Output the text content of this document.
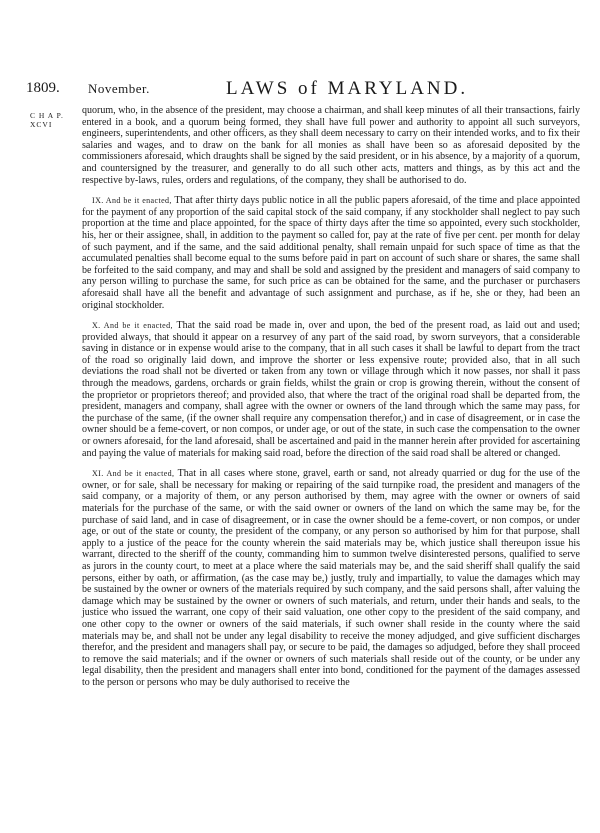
1809. November.	LAWS of MARYLAND.
C H A P.
XCVI

quorum, who, in the absence of the president, may choose a chairman, and shall keep minutes of all their transactions, fairly entered in a book, and a quorum being formed, they shall have full power and authority to appoint all such surveyors, engineers, superintendents, and other officers, as they shall deem necessary to carry on their intended works, and to fix their salaries and wages, and to draw on the bank for all monies as shall have been so as aforesaid deposited by the commissioners aforesaid, which draughts shall be signed by the said president, or in his absence, by a majority of a quorum, and countersigned by the treasurer, and generally to do all such other acts, matters and things, as by this act and the respective by-laws, rules, orders and regulations, of the company, they shall be authorised to do.

IX. And be it enacted, That after thirty days public notice in all the public papers aforesaid, of the time and place appointed for the payment of any proportion of the said capital stock of the said company, if any stockholder shall neglect to pay such proportion at the time and place appointed, for the space of thirty days after the time so appointed, every such stockholder, his, her or their assignee, shall, in addition to the payment so called for, pay at the rate of five per cent. per month for delay of such payment, and if the same, and the said additional penalty, shall remain unpaid for such space of time as that the accumulated penalties shall become equal to the sums before paid in part on account of such share or shares, the same shall be forfeited to the said company, and may and shall be sold and assigned by the president and managers of said company to any person willing to purchase the same, for such price as can be obtained for the same, and the purchaser or purchasers aforesaid shall have all the benefit and advantage of such assignment and purchase, as if he, she or they, had been an original stockholder.

X. And be it enacted, That the said road be made in, over and upon, the bed of the present road, as laid out and used; provided always, that should it appear on a resurvey of any part of the said road, by sworn surveyors, that a considerable saving in distance or in expense would arise to the company, that in all such cases it shall be lawful to depart from the tract of the road so originally laid down, and improve the shorter or less expensive route; provided also, that in all such deviations the road shall not be diverted or taken from any town or village through which it now passes, nor shall it pass through the meadows, gardens, orchards or grain fields, whilst the grain or crop is growing therein, without the consent of the proprietor or proprietors thereof; and provided also, that where the tract of the original road shall be departed from, the president, managers and company, shall agree with the owner or owners of the land through which the same may pass, for the purchase of the same, (if the owner shall require any compensation therefor,) and in case of disagreement, or in case the owner should be a feme-covert, or non compos, or under age, or out of the state, in such case the compensation to the owner or owners aforesaid, for the land aforesaid, shall be ascertained and paid in the manner herein after provided for ascertaining and paying the value of materials for making said road, before the direction of the said road shall be altered or changed.

XI. And be it enacted, That in all cases where stone, gravel, earth or sand, not already quarried or dug for the use of the owner, or for sale, shall be necessary for making or repairing of the said turnpike road, the president and managers of the said company, or a majority of them, or any person authorised by them, may agree with the owner or owners of said materials for the purchase of the same, or with the said owner or owners of the land on which the same may be, for the purchase of said land, and in case of disagreement, or in case the owner should be a feme-covert, or non compos, or under age, or out of the state or county, the president of the company, or any person so authorised by him for that purpose, shall apply to a justice of the peace for the county wherein the said materials may be, which justice shall thereupon issue his warrant, directed to the sheriff of the county, commanding him to summon twelve disinterested persons, qualified to serve as jurors in the county court, to meet at a place where the said materials may be, and the said sheriff shall qualify the said persons, either by oath, or affirmation, (as the case may be,) justly, truly and impartially, to value the damages which may be sustained by the owner or owners of the materials required by such company, and the said persons shall, after valuing the damage which may be sustained by the owner or owners of such materials, and return, under their hands and seals, to the justice who issued the warrant, one copy of their said valuation, one other copy to the president of the said company, and one other copy to the owner or owners of the said materials, if such owner shall reside in the county where the said materials may be, and shall not be under any legal disability to receive the money adjudged, and give sufficient discharges therefor, and the president and managers shall pay, or secure to be paid, the damages so adjudged, before they shall proceed to remove the said materials; and if the owner or owners of such materials shall reside out of the county, or be under any legal disability, then the president and managers shall enter into bond, conditioned for the payment of the damages assessed to the person or persons who may be duly authorised to receive the
